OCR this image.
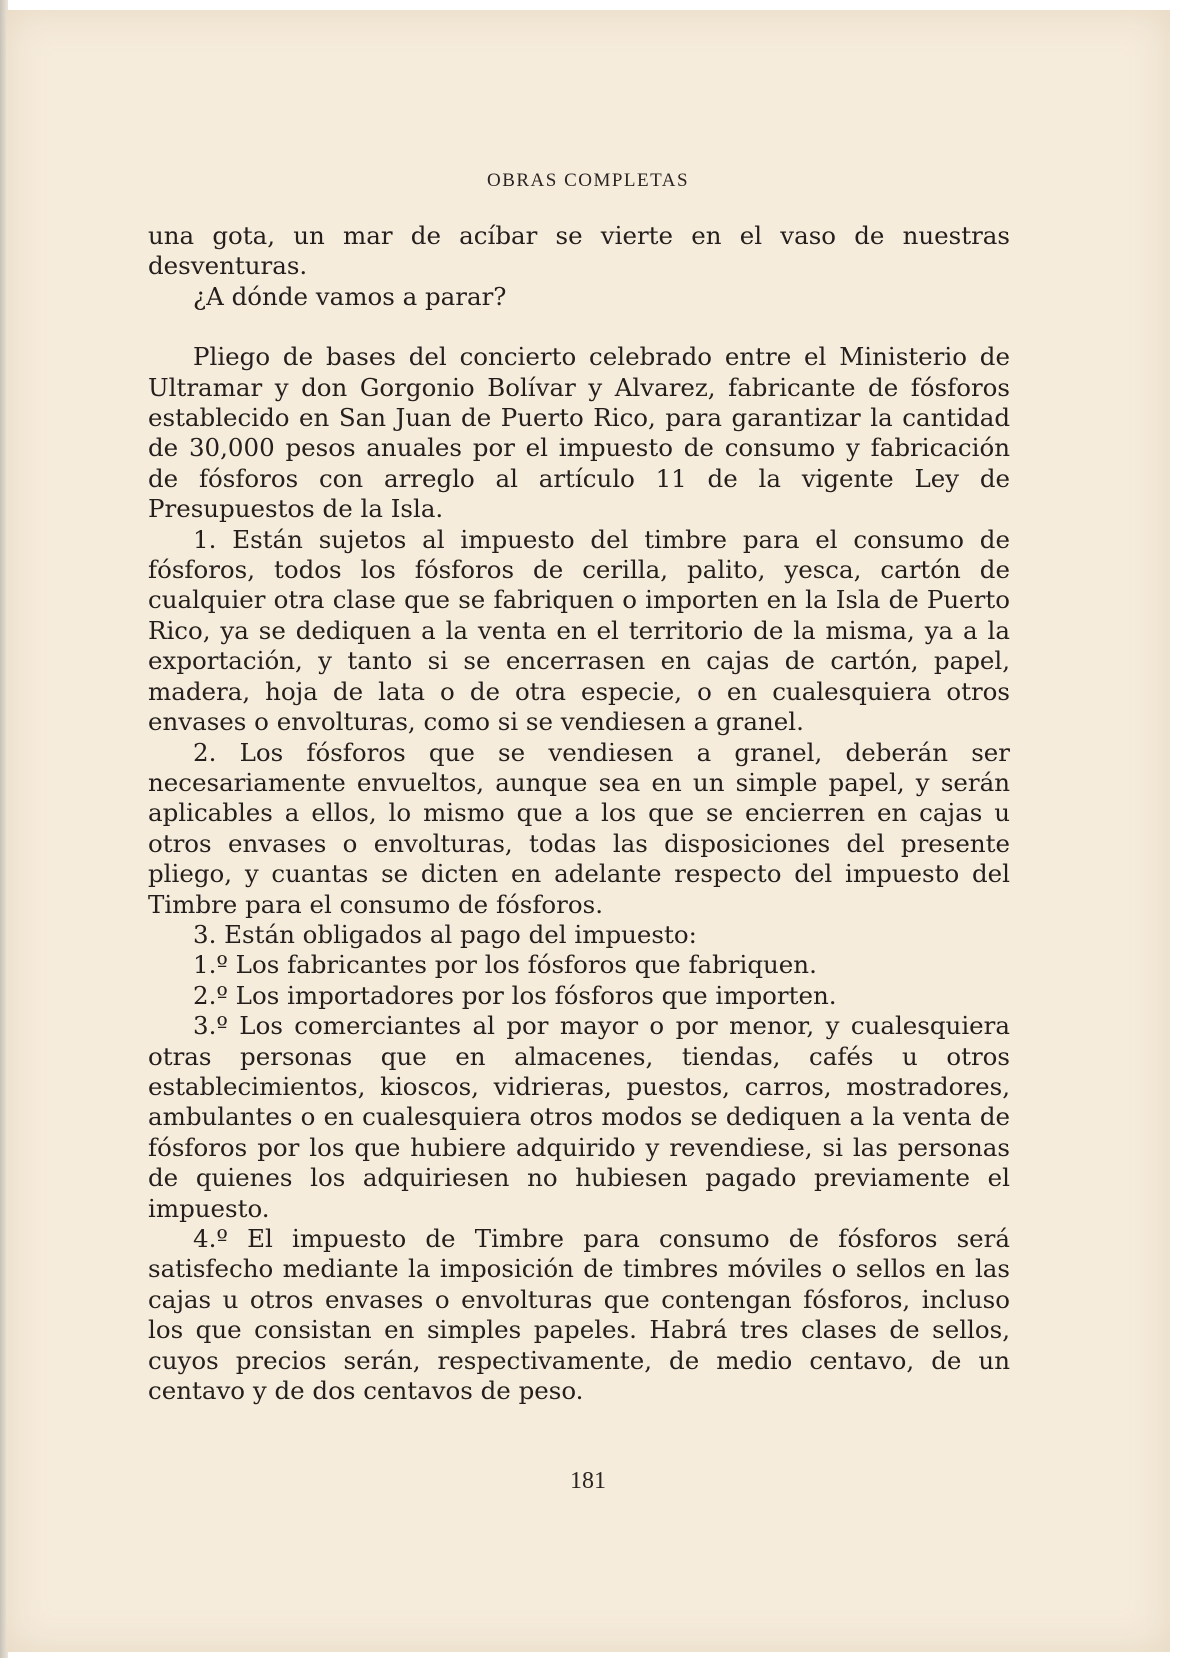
OBRAS COMPLETAS

una gota, un mar de acíbar se vierte en el vaso de nuestras desventuras.

¿A dónde vamos a parar?

Pliego de bases del concierto celebrado entre el Ministerio de Ultramar y don Gorgonio Bolívar y Alvarez, fabricante de fósforos establecido en San Juan de Puerto Rico, para garantizar la cantidad de 30,000 pesos anuales por el impuesto de consumo y fabricación de fósforos con arreglo al artículo 11 de la vigente Ley de Presupuestos de la Isla.

1. Están sujetos al impuesto del timbre para el consumo de fósforos, todos los fósforos de cerilla, palito, yesca, cartón de cualquier otra clase que se fabriquen o importen en la Isla de Puerto Rico, ya se dediquen a la venta en el territorio de la misma, ya a la exportación, y tanto si se encerrasen en cajas de cartón, papel, madera, hoja de lata o de otra especie, o en cualesquiera otros envases o envolturas, como si se vendiesen a granel.

2. Los fósforos que se vendiesen a granel, deberán ser necesariamente envueltos, aunque sea en un simple papel, y serán aplicables a ellos, lo mismo que a los que se encierren en cajas u otros envases o envolturas, todas las disposiciones del presente pliego, y cuantas se dicten en adelante respecto del impuesto del Timbre para el consumo de fósforos.

3. Están obligados al pago del impuesto:

1.º Los fabricantes por los fósforos que fabriquen.

2.º Los importadores por los fósforos que importen.

3.º Los comerciantes al por mayor o por menor, y cualesquiera otras personas que en almacenes, tiendas, cafés u otros establecimientos, kioscos, vidrieras, puestos, carros, mostradores, ambulantes o en cualesquiera otros modos se dediquen a la venta de fósforos por los que hubiere adquirido y revendiese, si las personas de quienes los adquiriesen no hubiesen pagado previamente el impuesto.

4.º El impuesto de Timbre para consumo de fósforos será satisfecho mediante la imposición de timbres móviles o sellos en las cajas u otros envases o envolturas que contengan fósforos, incluso los que consistan en simples papeles. Habrá tres clases de sellos, cuyos precios serán, respectivamente, de medio centavo, de un centavo y de dos centavos de peso.

181
